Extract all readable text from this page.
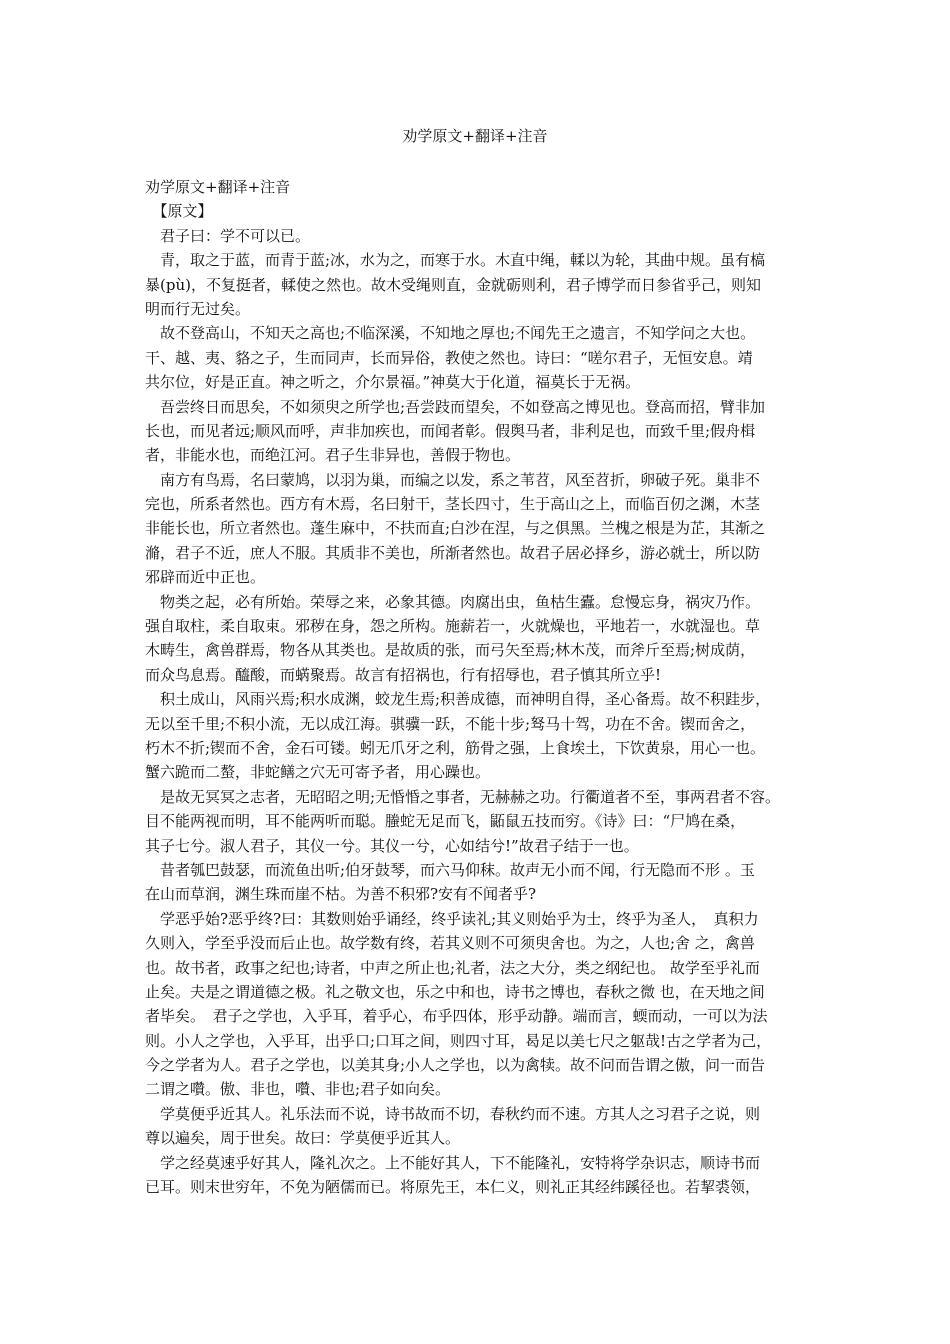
劝学原文+翻译+注音
劝学原文+翻译+注音
　【原文】
　君子曰：学不可以已。
　青，取之于蓝，而青于蓝;冰，水为之，而寒于水。木直中绳，輮以为轮，其曲中规。虽有槁
暴(pù)，不复挺者，輮使之然也。故木受绳则直，金就砺则利，君子博学而日参省乎己，则知
明而行无过矣。
　故不登高山，不知天之高也;不临深溪，不知地之厚也;不闻先王之遗言，不知学问之大也。
干、越、夷、貉之子，生而同声，长而异俗，教使之然也。诗曰：“嗟尔君子，无恒安息。靖
共尔位，好是正直。神之听之，介尔景福。”神莫大于化道，福莫长于无祸。
　吾尝终日而思矣，不如须臾之所学也;吾尝跂而望矣，不如登高之博见也。登高而招，臂非加
长也，而见者远;顺风而呼，声非加疾也，而闻者彰。假舆马者，非利足也，而致千里;假舟楫
者，非能水也，而绝江河。君子生非异也，善假于物也。
　南方有鸟焉，名曰蒙鸠，以羽为巢，而编之以发，系之苇苕，风至苕折，卵破子死。巢非不
完也，所系者然也。西方有木焉，名曰射干，茎长四寸，生于高山之上，而临百仞之渊，木茎
非能长也，所立者然也。蓬生麻中，不扶而直;白沙在涅，与之俱黑。兰槐之根是为芷，其渐之
滫，君子不近，庶人不服。其质非不美也，所渐者然也。故君子居必择乡，游必就士，所以防
邪辟而近中正也。
　物类之起，必有所始。荣辱之来，必象其德。肉腐出虫，鱼枯生蠹。怠慢忘身，祸灾乃作。
强自取柱，柔自取束。邪秽在身，怨之所构。施薪若一，火就燥也，平地若一，水就湿也。草
木畴生，禽兽群焉，物各从其类也。是故质的张，而弓矢至焉;林木茂，而斧斤至焉;树成荫，
而众鸟息焉。醯酸，而蜹聚焉。故言有招祸也，行有招辱也，君子慎其所立乎!
　积土成山，风雨兴焉;积水成渊，蛟龙生焉;积善成德，而神明自得，圣心备焉。故不积跬步，
无以至千里;不积小流，无以成江海。骐骥一跃，不能十步;驽马十驾，功在不舍。锲而舍之，
朽木不折;锲而不舍，金石可镂。蚓无爪牙之利，筋骨之强，上食埃土，下饮黄泉，用心一也。
蟹六跪而二螯，非蛇鳝之穴无可寄予者，用心躁也。
　是故无冥冥之志者，无昭昭之明;无惛惛之事者，无赫赫之功。行衢道者不至，事两君者不容。
目不能两视而明，耳不能两听而聪。螣蛇无足而飞，鼫鼠五技而穷。《诗》曰：“尸鸠在桑，
其子七兮。淑人君子，其仪一兮。其仪一兮，心如结兮!”故君子结于一也。
　昔者瓠巴鼓瑟，而流鱼出听;伯牙鼓琴，而六马仰秣。故声无小而不闻，行无隐而不形 。玉
在山而草润，渊生珠而崖不枯。为善不积邪?安有不闻者乎?
　学恶乎始?恶乎终?曰：其数则始乎诵经，终乎读礼;其义则始乎为士，终乎为圣人，　真积力
久则入，学至乎没而后止也。故学数有终，若其义则不可须臾舍也。为之，人也;舍 之，禽兽
也。故书者，政事之纪也;诗者，中声之所止也;礼者，法之大分，类之纲纪也。 故学至乎礼而
止矣。夫是之谓道德之极。礼之敬文也，乐之中和也，诗书之博也，春秋之微 也，在天地之间
者毕矣。　君子之学也，入乎耳，着乎心，布乎四体，形乎动静。端而言，蝡而动，一可以为法
则。小人之学也，入乎耳，出乎口;口耳之间，则四寸耳，曷足以美七尺之躯哉!古之学者为己，
今之学者为人。君子之学也，以美其身;小人之学也，以为禽犊。故不问而告谓之傲，问一而告
二谓之囋。傲、非也，囋、非也;君子如向矣。
　学莫便乎近其人。礼乐法而不说，诗书故而不切，春秋约而不速。方其人之习君子之说，则
尊以遍矣，周于世矣。故曰：学莫便乎近其人。
　学之经莫速乎好其人，隆礼次之。上不能好其人，下不能隆礼，安特将学杂识志，顺诗书而
已耳。则末世穷年，不免为陋儒而已。将原先王，本仁义，则礼正其经纬蹊径也。若挈裘领，
